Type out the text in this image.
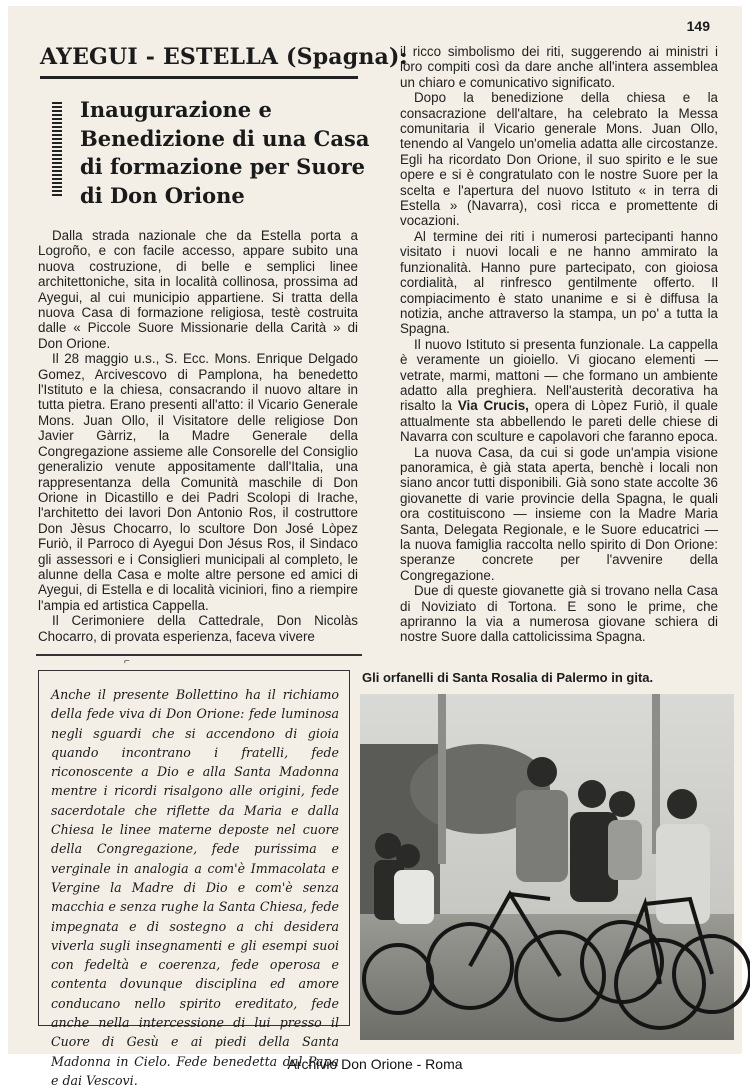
149
AYEGUI - ESTELLA (Spagna):
Inaugurazione e Benedizione di una Casa di formazione per Suore di Don Orione

Dalla strada nazionale che da Estella porta a Logroño, e con facile accesso, appare subito una nuova costruzione, di belle e semplici linee architettoniche, sita in località collinosa, prossima ad Ayegui, al cui municipio appartiene. Si tratta della nuova Casa di formazione religiosa, testè costruita dalle « Piccole Suore Missionarie della Carità » di Don Orione.

Il 28 maggio u.s., S. Ecc. Mons. Enrique Delgado Gomez, Arcivescovo di Pamplona, ha benedetto l'Istituto e la chiesa, consacrando il nuovo altare in tutta pietra. Erano presenti all'atto: il Vicario Generale Mons. Juan Ollo, il Visitatore delle religiose Don Javier Gàrriz, la Madre Generale della Congregazione assieme alle Consorelle del Consiglio generalizio venute appositamente dall'Italia, una rappresentanza della Comunità maschile di Don Orione in Dicastillo e dei Padri Scolopi di Irache, l'architetto dei lavori Don Antonio Ros, il costruttore Don Jèsus Chocarro, lo scultore Don José Lòpez Furiò, il Parroco di Ayegui Don Jésus Ros, il Sindaco gli assessori e i Consiglieri municipali al completo, le alunne della Casa e molte altre persone ed amici di Ayegui, di Estella e di località viciniori, fino a riempire l'ampia ed artistica Cappella.

Il Cerimoniere della Cattedrale, Don Nicolàs Chocarro, di provata esperienza, faceva vivere

il ricco simbolismo dei riti, suggerendo ai ministri i loro compiti così da dare anche all'intera assemblea un chiaro e comunicativo significato.

Dopo la benedizione della chiesa e la consacrazione dell'altare, ha celebrato la Messa comunitaria il Vicario generale Mons. Juan Ollo, tenendo al Vangelo un'omelia adatta alle circostanze. Egli ha ricordato Don Orione, il suo spirito e le sue opere e si è congratulato con le nostre Suore per la scelta e l'apertura del nuovo Istituto « in terra di Estella » (Navarra), così ricca e promettente di vocazioni.

Al termine dei riti i numerosi partecipanti hanno visitato i nuovi locali e ne hanno ammirato la funzionalità. Hanno pure partecipato, con gioiosa cordialità, al rinfresco gentilmente offerto. Il compiacimento è stato unanime e si è diffusa la notizia, anche attraverso la stampa, un po' a tutta la Spagna.

Il nuovo Istituto si presenta funzionale. La cappella è veramente un gioiello. Vi giocano elementi — vetrate, marmi, mattoni — che formano un ambiente adatto alla preghiera. Nell'austerità decorativa ha risalto la Via Crucis, opera di Lòpez Furiò, il quale attualmente sta abbellendo le pareti delle chiese di Navarra con sculture e capolavori che faranno epoca.

La nuova Casa, da cui si gode un'ampia visione panoramica, è già stata aperta, benchè i locali non siano ancor tutti disponibili. Già sono state accolte 36 giovanette di varie provincie della Spagna, le quali ora costituiscono — insieme con la Madre Maria Santa, Delegata Regionale, e le Suore educatrici — la nuova famiglia raccolta nello spirito di Don Orione: speranze concrete per l'avvenire della Congregazione.

Due di queste giovanette già si trovano nella Casa di Noviziato di Tortona. E sono le prime, che apriranno la via a numerosa giovane schiera di nostre Suore dalla cattolicissima Spagna.

⌐
Anche il presente Bollettino ha il richiamo della fede viva di Don Orione: fede luminosa negli sguardi che si accendono di gioia quando incontrano i fratelli, fede riconoscente a Dio e alla Santa Madonna mentre i ricordi risalgono alle origini, fede sacerdotale che riflette da Maria e dalla Chiesa le linee materne deposte nel cuore della Congregazione, fede purissima e verginale in analogia a com'è Immacolata e Vergine la Madre di Dio e com'è senza macchia e senza rughe la Santa Chiesa, fede impegnata e di sostegno a chi desidera viverla sugli insegnamenti e gli esempi suoi con fedeltà e coerenza, fede operosa e contenta dovunque disciplina ed amore conducano nello spirito ereditato, fede anche nella intercessione di lui presso il Cuore di Gesù e ai piedi della Santa Madonna in Cielo. Fede benedetta dal Papa e dai Vescovi.
Gli orfanelli di Santa Rosalia di Palermo in gita.
Archivio Don Orione - Roma
